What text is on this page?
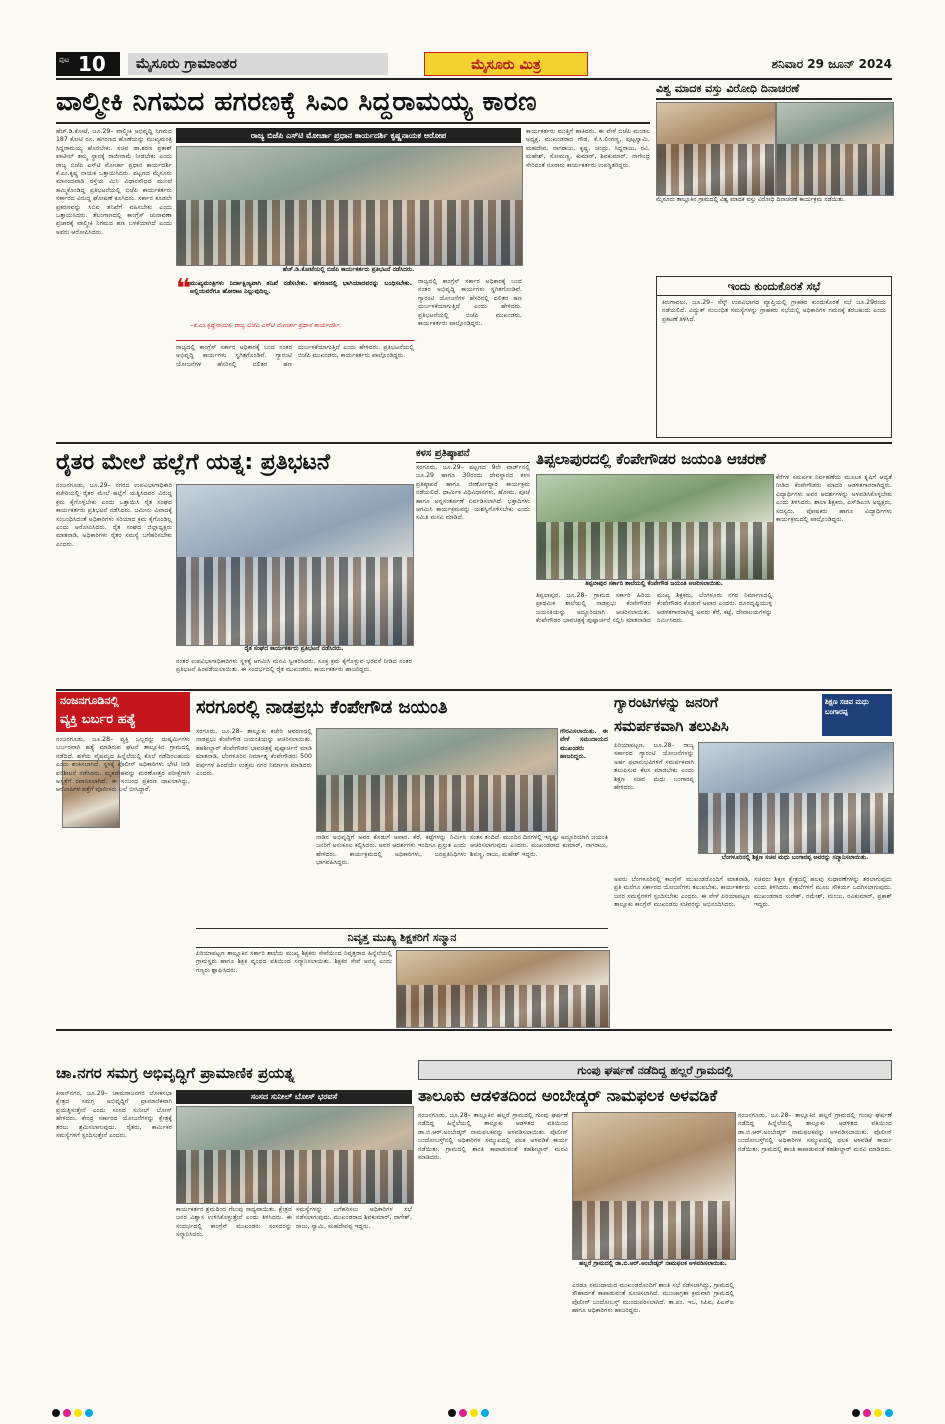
ಪುಟ 10	ಮೈಸೂರು ಗ್ರಾಮಾಂತರ	ಮೈಸೂರು ಮಿತ್ರ	ಶನಿವಾರ 29 ಜೂನ್ 2024
ವಾಲ್ಮೀಕಿ ನಿಗಮದ ಹಗರಣಕ್ಕೆ ಸಿಎಂ ಸಿದ್ದರಾಮಯ್ಯ ಕಾರಣ
ಹೆಚ್.ಡಿ.ಕೋಟೆ, ಜೂ.29– ವಾಲ್ಮೀಕಿ ಅಭಿವೃದ್ಧಿ ನಿಗಮದ 187 ಕೋಟಿ ರೂ. ಹಗರಣದ ಹೊಣೆಯನ್ನು ಮುಖ್ಯಮಂತ್ರಿ ಸಿದ್ದರಾಮಯ್ಯ ಹೊರಬೇಕು. ಸಚಿವ ಡಾ.ಶರಣ ಪ್ರಕಾಶ್ ಪಾಟೀಲ್ ತಮ್ಮ ಸ್ಥಾನಕ್ಕೆ ರಾಜೀನಾಮೆ ನೀಡಬೇಕು ಎಂದು ರಾಜ್ಯ ಬಿಜೆಪಿ ಎಸ್‌ಟಿ ಮೋರ್ಚಾ ಪ್ರಧಾನ ಕಾರ್ಯದರ್ಶಿ ಕೆ.ಎಂ.ಕೃಷ್ಣ ನಾಯಕ ಒತ್ತಾಯಿಸಿದರು. ಪಟ್ಟಣದ ಮೈಸೂರು ಮಾನಂದವಾಡಿ ರಸ್ತೆಯ ಮಿನಿ ವಿಧಾನಸೌಧದ ಮುಂದೆ ಹಮ್ಮಿಕೊಂಡಿದ್ದ ಪ್ರತಿಭಟನೆಯಲ್ಲಿ ಬಿಜೆಪಿ ಕಾರ್ಯಕರ್ತರು ಸರ್ಕಾರದ ವಿರುದ್ಧ ಘೋಷಣೆ ಕೂಗಿದರು. ಸರ್ಕಾರ ಕೂಡಲೇ ಪ್ರಕರಣವನ್ನು ಸಿಬಿಐ ತನಿಖೆಗೆ ವಹಿಸಬೇಕು ಎಂದು ಒತ್ತಾಯಿಸಿದರು. ತೆಲಂಗಾಣದಲ್ಲಿ ಕಾಂಗ್ರೆಸ್ ಚುನಾವಣಾ ಪ್ರಚಾರಕ್ಕೆ ವಾಲ್ಮೀಕಿ ನಿಗಮದ ಹಣ ಬಳಕೆಯಾಗಿದೆ ಎಂದು ಅವರು ಆರೋಪಿಸಿದರು.
ರಾಜ್ಯ ಬಿಜೆಪಿ ಎಸ್‌ಟಿ ಮೋರ್ಚಾ ಪ್ರಧಾನ ಕಾರ್ಯದರ್ಶಿ ಕೃಷ್ಣನಾಯಕ ಆರೋಪ
ಹೆಚ್.ಡಿ.ಕೋಟೆಯಲ್ಲಿ ಬಿಜೆಪಿ ಕಾರ್ಯಕರ್ತರು ಪ್ರತಿಭಟನೆ ನಡೆಸಿದರು.
ಕಾರ್ಯಕರ್ತರು ಮುತ್ತಿಗೆ ಹಾಕಿದರು. ಈ ವೇಳೆ ಬಿಜೆಪಿ ಮಂಡಲ ಅಧ್ಯಕ್ಷ, ಮುಖಂಡರಾದ ಗೌಡ, ಕೆ.ಸಿ.ಲಿಂಗಣ್ಣ, ಪುಟ್ಟಸ್ವಾಮಿ, ಮಹದೇವ, ನಾಗರಾಜು, ಕೃಷ್ಣ, ಚಂದ್ರು, ಸಿದ್ದರಾಜು, ರವಿ, ಮಹೇಶ್, ಸೋಮಣ್ಣ, ಕುಮಾರ್, ಶಿವಕುಮಾರ್, ನಾಗೇಂದ್ರ ಸೇರಿದಂತೆ ನೂರಾರು ಕಾರ್ಯಕರ್ತರು ಉಪಸ್ಥಿತರಿದ್ದರು.
❝
ಮುಖ್ಯಮಂತ್ರಿಗಳು ನಿರ್ದಾಕ್ಷಿಣ್ಯವಾಗಿ ತನಿಖೆ ನಡೆಸಬೇಕು. ಹಗರಣದಲ್ಲಿ ಭಾಗಿಯಾದವರನ್ನು ಬಂಧಿಸಬೇಕು. ಅಲ್ಲಿಯವರೆಗೂ ಹೋರಾಟ ನಿಲ್ಲುವುದಿಲ್ಲ.
–ಕೆ.ಎಂ.ಕೃಷ್ಣನಾಯಕ, ರಾಜ್ಯ ಬಿಜೆಪಿ ಎಸ್‌ಟಿ ಮೋರ್ಚಾ ಪ್ರಧಾನ ಕಾರ್ಯದರ್ಶಿ.
ರಾಜ್ಯದಲ್ಲಿ ಕಾಂಗ್ರೆಸ್ ಸರ್ಕಾರ ಅಧಿಕಾರಕ್ಕೆ ಬಂದ ನಂತರ ಅಭಿವೃದ್ಧಿ ಕಾರ್ಯಗಳು ಸ್ಥಗಿತಗೊಂಡಿವೆ. ಗ್ಯಾರಂಟಿ ಯೋಜನೆಗಳ ಹೆಸರಿನಲ್ಲಿ ದಲಿತರ ಹಣ ದುರ್ಬಳಕೆಯಾಗುತ್ತಿದೆ ಎಂದು ಹೇಳಿದರು. ಪ್ರತಿಭಟನೆಯಲ್ಲಿ ಬಿಜೆಪಿ ಮುಖಂಡರು, ಕಾರ್ಯಕರ್ತರು ಪಾಲ್ಗೊಂಡಿದ್ದರು.
ರಾಜ್ಯದಲ್ಲಿ ಕಾಂಗ್ರೆಸ್ ಸರ್ಕಾರ ಅಧಿಕಾರಕ್ಕೆ ಬಂದ ನಂತರ ಅಭಿವೃದ್ಧಿ ಕಾರ್ಯಗಳು ಸ್ಥಗಿತಗೊಂಡಿವೆ. ಗ್ಯಾರಂಟಿ ಯೋಜನೆಗಳ ಹೆಸರಿನಲ್ಲಿ ದಲಿತರ ಹಣ ದುರ್ಬಳಕೆಯಾಗುತ್ತಿದೆ ಎಂದು ಹೇಳಿದರು. ಪ್ರತಿಭಟನೆಯಲ್ಲಿ ಬಿಜೆಪಿ ಮುಖಂಡರು, ಕಾರ್ಯಕರ್ತರು ಪಾಲ್ಗೊಂಡಿದ್ದರು.
ವಿಶ್ವ ಮಾದಕ ವಸ್ತು ವಿರೋಧಿ ದಿನಾಚರಣೆ
ಮೈಸೂರು ತಾಲ್ಲೂಕಿನ ಗ್ರಾಮದಲ್ಲಿ ವಿಶ್ವ ಮಾದಕ ವಸ್ತು ವಿರೋಧಿ ದಿನಾಚರಣೆ ಕಾರ್ಯಕ್ರಮ ನಡೆಯಿತು.
ಇಂದು ಕುಂದುಕೊರತೆ ಸಭೆ
ಕಿರುಗಾವಲು, ಜೂ.29– ಸೆಸ್ಕ್ ಉಪವಿಭಾಗದ ವ್ಯಾಪ್ತಿಯಲ್ಲಿ ಗ್ರಾಹಕರ ಕುಂದುಕೊರತೆ ಸಭೆ ಜೂ.29ರಂದು ನಡೆಯಲಿದೆ. ವಿದ್ಯುತ್ ಸಂಬಂಧಿತ ಸಮಸ್ಯೆಗಳನ್ನು ಗ್ರಾಹಕರು ಸಭೆಯಲ್ಲಿ ಅಧಿಕಾರಿಗಳ ಗಮನಕ್ಕೆ ತರಬಹುದು ಎಂದು ಪ್ರಕಟಣೆ ತಿಳಿಸಿದೆ.
ರೈತರ ಮೇಲೆ ಹಲ್ಲೆಗೆ ಯತ್ನ: ಪ್ರತಿಭಟನೆ
ನಂಜನಗೂಡು, ಜೂ.29– ನಗರದ ಉಪವಿಭಾಗಾಧಿಕಾರಿ ಕಚೇರಿಯಲ್ಲಿ ರೈತರ ಮೇಲೆ ಹಲ್ಲೆಗೆ ಯತ್ನಿಸಿದವರ ವಿರುದ್ಧ ಕ್ರಮ ಕೈಗೊಳ್ಳಬೇಕು ಎಂದು ಒತ್ತಾಯಿಸಿ ರೈತ ಸಂಘದ ಕಾರ್ಯಕರ್ತರು ಪ್ರತಿಭಟನೆ ನಡೆಸಿದರು. ಜಮೀನು ವಿವಾದಕ್ಕೆ ಸಂಬಂಧಿಸಿದಂತೆ ಅಧಿಕಾರಿಗಳು ಸರಿಯಾದ ಕ್ರಮ ಕೈಗೊಂಡಿಲ್ಲ ಎಂದು ಆರೋಪಿಸಿದರು. ರೈತ ಸಂಘದ ಜಿಲ್ಲಾಧ್ಯಕ್ಷರು ಮಾತನಾಡಿ, ಅಧಿಕಾರಿಗಳು ರೈತರ ಸಮಸ್ಯೆ ಬಗೆಹರಿಸಬೇಕು ಎಂದರು.
ರೈತ ಸಂಘದ ಕಾರ್ಯಕರ್ತರು ಪ್ರತಿಭಟನೆ ನಡೆಸಿದರು.
ನಂತರ ಉಪವಿಭಾಗಾಧಿಕಾರಿಗಳು ಸ್ಥಳಕ್ಕೆ ಆಗಮಿಸಿ ಮನವಿ ಸ್ವೀಕರಿಸಿದರು. ಸೂಕ್ತ ಕ್ರಮ ಕೈಗೊಳ್ಳುವ ಭರವಸೆ ನೀಡಿದ ನಂತರ ಪ್ರತಿಭಟನೆ ಹಿಂಪಡೆಯಲಾಯಿತು. ಈ ಸಂದರ್ಭದಲ್ಲಿ ರೈತ ಮುಖಂಡರು, ಕಾರ್ಯಕರ್ತರು ಹಾಜರಿದ್ದರು.
ಕಳಸ ಪ್ರತಿಷ್ಠಾಪನೆ
ಸರಗೂರು, ಜೂ.29– ಪಟ್ಟಣದ 9ನೇ ವಾರ್ಡ್‌ನಲ್ಲಿ ಜೂ.29 ಹಾಗೂ 30ರಂದು ದೇವಸ್ಥಾನದ ಕಳಸ ಪ್ರತಿಷ್ಠಾಪನೆ ಹಾಗೂ ಜೀರ್ಣೋದ್ಧಾರ ಕಾರ್ಯಕ್ರಮ ನಡೆಯಲಿದೆ. ಧಾರ್ಮಿಕ ವಿಧಿವಿಧಾನಗಳು, ಹೋಮ, ಪೂಜೆ ಹಾಗೂ ಅನ್ನಸಂತರ್ಪಣೆ ಏರ್ಪಡಿಸಲಾಗಿದೆ. ಭಕ್ತಾದಿಗಳು ಆಗಮಿಸಿ ಕಾರ್ಯಕ್ರಮವನ್ನು ಯಶಸ್ವಿಗೊಳಿಸಬೇಕು ಎಂದು ಸಮಿತಿ ಮನವಿ ಮಾಡಿದೆ.
ತಿಪ್ಪಲಾಪುರದಲ್ಲಿ ಕೆಂಪೇಗೌಡರ ಜಯಂತಿ ಆಚರಣೆ
ತಿಪ್ಪಲಾಪುರ ಸರ್ಕಾರಿ ಶಾಲೆಯಲ್ಲಿ ಕೆಂಪೇಗೌಡ ಜಯಂತಿ ಆಚರಿಸಲಾಯಿತು.
ತಿಪ್ಪಲಾಪುರ, ಜೂ.28– ಗ್ರಾಮದ ಸರ್ಕಾರಿ ಹಿರಿಯ ಪ್ರಾಥಮಿಕ ಶಾಲೆಯಲ್ಲಿ ನಾಡಪ್ರಭು ಕೆಂಪೇಗೌಡರ ಜಯಂತಿಯನ್ನು ಅದ್ದೂರಿಯಾಗಿ ಆಚರಿಸಲಾಯಿತು. ಕೆಂಪೇಗೌಡರ ಭಾವಚಿತ್ರಕ್ಕೆ ಪುಷ್ಪಾರ್ಚನೆ ಸಲ್ಲಿಸಿ ಮಾತನಾಡಿದ ಮುಖ್ಯ ಶಿಕ್ಷಕರು, ಬೆಂಗಳೂರು ನಗರ ನಿರ್ಮಾಣದಲ್ಲಿ ಕೆಂಪೇಗೌಡರ ಕೊಡುಗೆ ಅಪಾರ ಎಂದರು. ದೂರದೃಷ್ಟಿಯುಳ್ಳ ಆಡಳಿತಗಾರರಾಗಿದ್ದ ಅವರು ಕೆರೆ, ಕಟ್ಟೆ, ದೇವಾಲಯಗಳನ್ನು ನಿರ್ಮಿಸಿದರು.
ಕೆರೆಗಳ ಸಮರ್ಪಕ ನಿರ್ವಹಣೆಯ ಮೂಲಕ ಕೃಷಿಗೆ ಆದ್ಯತೆ ನೀಡಿದ ಕೆಂಪೇಗೌಡರು ಮಾದರಿ ಆಡಳಿತಗಾರರಾಗಿದ್ದರು. ವಿದ್ಯಾರ್ಥಿಗಳು ಅವರ ಆದರ್ಶಗಳನ್ನು ಅಳವಡಿಸಿಕೊಳ್ಳಬೇಕು ಎಂದು ತಿಳಿಸಿದರು. ಶಾಲಾ ಶಿಕ್ಷಕರು, ಎಸ್‌ಡಿಎಂಸಿ ಅಧ್ಯಕ್ಷರು, ಸದಸ್ಯರು, ಪೋಷಕರು ಹಾಗೂ ವಿದ್ಯಾರ್ಥಿಗಳು ಕಾರ್ಯಕ್ರಮದಲ್ಲಿ ಪಾಲ್ಗೊಂಡಿದ್ದರು.
ನಂಜನಗೂಡಿನಲ್ಲಿ
ವ್ಯಕ್ತಿ ಬರ್ಬರ ಹತ್ಯೆ
ನಂಜನಗೂಡು, ಜೂ.28– ವ್ಯಕ್ತಿ ಒಬ್ಬರನ್ನು ದುಷ್ಕರ್ಮಿಗಳು ಬರ್ಬರವಾಗಿ ಹತ್ಯೆ ಮಾಡಿರುವ ಘಟನೆ ತಾಲ್ಲೂಕಿನ ಗ್ರಾಮದಲ್ಲಿ ನಡೆದಿದೆ. ಹಳೆಯ ವೈಷಮ್ಯದ ಹಿನ್ನೆಲೆಯಲ್ಲಿ ಕೊಲೆ ನಡೆದಿರಬಹುದು ಎಂದು ಶಂಕಿಸಲಾಗಿದೆ. ಸ್ಥಳಕ್ಕೆ ಪೊಲೀಸ್ ಅಧಿಕಾರಿಗಳು ಭೇಟಿ ನೀಡಿ ಪರಿಶೀಲನೆ ನಡೆಸಿದರು. ಮೃತದೇಹವನ್ನು ಮರಣೋತ್ತರ ಪರೀಕ್ಷೆಗಾಗಿ ಆಸ್ಪತ್ರೆಗೆ ರವಾನಿಸಲಾಗಿದೆ. ಈ ಸಂಬಂಧ ಪ್ರಕರಣ ದಾಖಲಾಗಿದ್ದು, ಆರೋಪಿಗಳ ಪತ್ತೆಗೆ ಪೊಲೀಸರು ಬಲೆ ಬೀಸಿದ್ದಾರೆ.
ಸರಗೂರಲ್ಲಿ ನಾಡಪ್ರಭು ಕೆಂಪೇಗೌಡ ಜಯಂತಿ
ಸರಗೂರು, ಜೂ.28– ತಾಲ್ಲೂಕು ಕಚೇರಿ ಆವರಣದಲ್ಲಿ ನಾಡಪ್ರಭು ಕೆಂಪೇಗೌಡ ಜಯಂತಿಯನ್ನು ಆಚರಿಸಲಾಯಿತು. ತಹಶೀಲ್ದಾರ್ ಕೆಂಪೇಗೌಡರ ಭಾವಚಿತ್ರಕ್ಕೆ ಪುಷ್ಪಾರ್ಚನೆ ಮಾಡಿ ಮಾತನಾಡಿ, ಬೆಂಗಳೂರಿನ ನಿರ್ಮಾತೃ ಕೆಂಪೇಗೌಡರು 500 ವರ್ಷಗಳ ಹಿಂದೆಯೇ ಉತ್ತಮ ನಗರ ನಿರ್ಮಾಣ ಮಾಡಿದರು ಎಂದರು.
ಗೌರವಿಸಲಾಯಿತು. ಈ ವೇಳೆ ಸಮುದಾಯದ ಮುಖಂಡರು ಹಾಜರಿದ್ದರು.
ನಾಡಿನ ಅಭಿವೃದ್ಧಿಗೆ ಅವರ ಕೊಡುಗೆ ಅಪಾರ. ಕೆರೆ, ಕಟ್ಟೆಗಳನ್ನು ನಿರ್ಮಿಸಿ ಜನರಿಗೆ ಅನುಕೂಲ ಕಲ್ಪಿಸಿದರು. ಅವರ ಆದರ್ಶಗಳು ಇಂದಿಗೂ ಪ್ರಸ್ತುತ ಎಂದು ಹೇಳಿದರು. ಕಾರ್ಯಕ್ರಮದಲ್ಲಿ ಅಧಿಕಾರಿಗಳು, ಜನಪ್ರತಿನಿಧಿಗಳು ಭಾಗವಹಿಸಿದ್ದರು.
ಸಂತಸ ತಂದಿದೆ. ಮುಂದಿನ ದಿನಗಳಲ್ಲಿ ಇನ್ನಷ್ಟು ಅದ್ದೂರಿಯಾಗಿ ಜಯಂತಿ ಆಚರಿಸಲಾಗುವುದು ಎಂದರು. ಮುಖಂಡರಾದ ಕುಮಾರ್, ನಾಗರಾಜು, ಶಿವಣ್ಣ, ರಾಜು, ಮಹೇಶ್ ಇದ್ದರು.
ನಿವೃತ್ತ ಮುಖ್ಯ ಶಿಕ್ಷಕರಿಗೆ ಸನ್ಮಾನ
ಪಿರಿಯಾಪಟ್ಟಣ ತಾಲ್ಲೂಕಿನ ಸರ್ಕಾರಿ ಶಾಲೆಯ ಮುಖ್ಯ ಶಿಕ್ಷಕರು ಸೇವೆಯಿಂದ ನಿವೃತ್ತರಾದ ಹಿನ್ನೆಲೆಯಲ್ಲಿ ಗ್ರಾಮಸ್ಥರು ಹಾಗೂ ಶಿಕ್ಷಕ ವೃಂದದ ವತಿಯಿಂದ ಸನ್ಮಾನಿಸಲಾಯಿತು. ಶಿಕ್ಷಕರ ಸೇವೆ ಅನನ್ಯ ಎಂದು ಗಣ್ಯರು ಶ್ಲಾಘಿಸಿದರು.
ಗ್ಯಾರಂಟಿಗಳನ್ನು ಜನರಿಗೆ
ಸಮರ್ಪಕವಾಗಿ ತಲುಪಿಸಿ
ಶಿಕ್ಷಣ ಸಚಿವ ಮಧು ಬಂಗಾರಪ್ಪ
ಪಿರಿಯಾಪಟ್ಟಣ, ಜೂ.28– ರಾಜ್ಯ ಸರ್ಕಾರದ ಗ್ಯಾರಂಟಿ ಯೋಜನೆಗಳನ್ನು ಅರ್ಹ ಫಲಾನುಭವಿಗಳಿಗೆ ಸಮರ್ಪಕವಾಗಿ ತಲುಪಿಸುವ ಕೆಲಸ ಮಾಡಬೇಕು ಎಂದು ಶಿಕ್ಷಣ ಸಚಿವ ಮಧು ಬಂಗಾರಪ್ಪ ಹೇಳಿದರು.
ಬೆಂಗಳೂರಿನಲ್ಲಿ ಶಿಕ್ಷಣ ಸಚಿವ ಮಧು ಬಂಗಾರಪ್ಪ ಅವರನ್ನು ಸನ್ಮಾನಿಸಲಾಯಿತು.
ಅವರು ಬೆಂಗಳೂರಿನಲ್ಲಿ ಕಾಂಗ್ರೆಸ್ ಮುಖಂಡರೊಂದಿಗೆ ಮಾತನಾಡಿ, ಪ್ರತಿ ಮನೆಗೂ ಸರ್ಕಾರದ ಯೋಜನೆಗಳು ತಲುಪಬೇಕು. ಕಾರ್ಯಕರ್ತರು ಜನರ ಸಮಸ್ಯೆಗಳಿಗೆ ಸ್ಪಂದಿಸಬೇಕು ಎಂದರು. ಈ ವೇಳೆ ಪಿರಿಯಾಪಟ್ಟಣ ತಾಲ್ಲೂಕು ಕಾಂಗ್ರೆಸ್ ಮುಖಂಡರು ಸಚಿವರನ್ನು ಅಭಿನಂದಿಸಿದರು.
ಸಚಿವರು ಶಿಕ್ಷಣ ಕ್ಷೇತ್ರದಲ್ಲಿ ಹಲವು ಸುಧಾರಣೆಗಳನ್ನು ತರಲಾಗುವುದು ಎಂದು ತಿಳಿಸಿದರು. ಶಾಲೆಗಳಿಗೆ ಮೂಲ ಸೌಕರ್ಯ ಒದಗಿಸಲಾಗುವುದು. ಮುಖಂಡರಾದ ಸುರೇಶ್, ರಮೇಶ್, ಮಂಜು, ರವಿಕುಮಾರ್, ಪ್ರಕಾಶ್ ಇದ್ದರು.
ಚಾ.ನಗರ ಸಮಗ್ರ ಅಭಿವೃದ್ಧಿಗೆ ಪ್ರಾಮಾಣಿಕ ಪ್ರಯತ್ನ
ಕಿಸಾನ್‌ನಗರ, ಜೂ.29– ಚಾಮರಾಜನಗರ ಲೋಕಸಭಾ ಕ್ಷೇತ್ರದ ಸಮಗ್ರ ಅಭಿವೃದ್ಧಿಗೆ ಪ್ರಾಮಾಣಿಕವಾಗಿ ಪ್ರಯತ್ನಿಸುತ್ತೇನೆ ಎಂದು ಸಂಸದ ಸುನೀಲ್ ಬೋಸ್ ಹೇಳಿದರು. ಕೇಂದ್ರ ಸರ್ಕಾರದ ಯೋಜನೆಗಳನ್ನು ಕ್ಷೇತ್ರಕ್ಕೆ ತರಲು ಶ್ರಮಿಸಲಾಗುವುದು. ರೈತರು, ಕಾರ್ಮಿಕರ ಸಮಸ್ಯೆಗಳಿಗೆ ಸ್ಪಂದಿಸುತ್ತೇನೆ ಎಂದರು.
ಸಂಸದ ಸುನೀಲ್ ಬೋಸ್ ಭರವಸೆ
ಕಾರ್ಯಕರ್ತರ ಶ್ರಮದಿಂದ ಗೆಲುವು ಸಾಧ್ಯವಾಯಿತು. ಕ್ಷೇತ್ರದ ಜನರ ವಿಶ್ವಾಸ ಉಳಿಸಿಕೊಳ್ಳುತ್ತೇನೆ ಎಂದು ತಿಳಿಸಿದರು. ಈ ಸಂದರ್ಭದಲ್ಲಿ ಕಾಂಗ್ರೆಸ್ ಮುಖಂಡರು ಸಂಸದರನ್ನು ಸನ್ಮಾನಿಸಿದರು.
ಸಮಸ್ಯೆಗಳನ್ನು ಬಗೆಹರಿಸಲು ಅಧಿಕಾರಿಗಳ ಸಭೆ ನಡೆಸಲಾಗುವುದು. ಮುಖಂಡರಾದ ಶಿವಕುಮಾರ್, ನಾಗೇಶ್, ರಾಜು, ಸ್ವಾಮಿ, ಮಹದೇವಪ್ಪ ಇದ್ದರು.
ಗುಂಪು ಘರ್ಷಣೆ ನಡೆದಿದ್ದ ಹಲ್ಲರೆ ಗ್ರಾಮದಲ್ಲಿ
ತಾಲೂಕು ಆಡಳಿತದಿಂದ ಅಂಬೇಡ್ಕರ್ ನಾಮಫಲಕ ಅಳವಡಿಕೆ
ನಂಜನಗೂಡು, ಜೂ.28– ತಾಲ್ಲೂಕಿನ ಹಲ್ಲರೆ ಗ್ರಾಮದಲ್ಲಿ ಗುಂಪು ಘರ್ಷಣೆ ನಡೆದಿದ್ದ ಹಿನ್ನೆಲೆಯಲ್ಲಿ ತಾಲ್ಲೂಕು ಆಡಳಿತದ ವತಿಯಿಂದ ಡಾ.ಬಿ.ಆರ್.ಅಂಬೇಡ್ಕರ್ ನಾಮಫಲಕವನ್ನು ಅಳವಡಿಸಲಾಯಿತು. ಪೊಲೀಸ್ ಬಂದೋಬಸ್ತ್‌ನಲ್ಲಿ ಅಧಿಕಾರಿಗಳ ಸಮ್ಮುಖದಲ್ಲಿ ಫಲಕ ಅಳವಡಿಕೆ ಕಾರ್ಯ ನಡೆಯಿತು. ಗ್ರಾಮದಲ್ಲಿ ಶಾಂತಿ ಕಾಪಾಡುವಂತೆ ತಹಶೀಲ್ದಾರ್ ಮನವಿ ಮಾಡಿದರು.
ಹಲ್ಲರೆ ಗ್ರಾಮದಲ್ಲಿ ಡಾ.ಬಿ.ಆರ್.ಅಂಬೇಡ್ಕರ್ ನಾಮಫಲಕ ಅಳವಡಿಸಲಾಯಿತು.
ಎರಡೂ ಸಮುದಾಯದ ಮುಖಂಡರೊಂದಿಗೆ ಶಾಂತಿ ಸಭೆ ನಡೆಸಲಾಗಿದ್ದು, ಗ್ರಾಮದಲ್ಲಿ ಸೌಹಾರ್ದತೆ ಕಾಪಾಡುವಂತೆ ಸೂಚಿಸಲಾಗಿದೆ. ಮುಂಜಾಗ್ರತಾ ಕ್ರಮವಾಗಿ ಗ್ರಾಮದಲ್ಲಿ ಪೊಲೀಸ್ ಬಂದೋಬಸ್ತ್ ಮುಂದುವರಿಸಲಾಗಿದೆ. ತಾ.ಪಂ. ಇಒ, ಸಿಪಿಐ, ಪಿಎಸ್‌ಐ ಹಾಗೂ ಅಧಿಕಾರಿಗಳು ಹಾಜರಿದ್ದರು.
ನಂಜನಗೂಡು, ಜೂ.28– ತಾಲ್ಲೂಕಿನ ಹಲ್ಲರೆ ಗ್ರಾಮದಲ್ಲಿ ಗುಂಪು ಘರ್ಷಣೆ ನಡೆದಿದ್ದ ಹಿನ್ನೆಲೆಯಲ್ಲಿ ತಾಲ್ಲೂಕು ಆಡಳಿತದ ವತಿಯಿಂದ ಡಾ.ಬಿ.ಆರ್.ಅಂಬೇಡ್ಕರ್ ನಾಮಫಲಕವನ್ನು ಅಳವಡಿಸಲಾಯಿತು. ಪೊಲೀಸ್ ಬಂದೋಬಸ್ತ್‌ನಲ್ಲಿ ಅಧಿಕಾರಿಗಳ ಸಮ್ಮುಖದಲ್ಲಿ ಫಲಕ ಅಳವಡಿಕೆ ಕಾರ್ಯ ನಡೆಯಿತು. ಗ್ರಾಮದಲ್ಲಿ ಶಾಂತಿ ಕಾಪಾಡುವಂತೆ ತಹಶೀಲ್ದಾರ್ ಮನವಿ ಮಾಡಿದರು.
